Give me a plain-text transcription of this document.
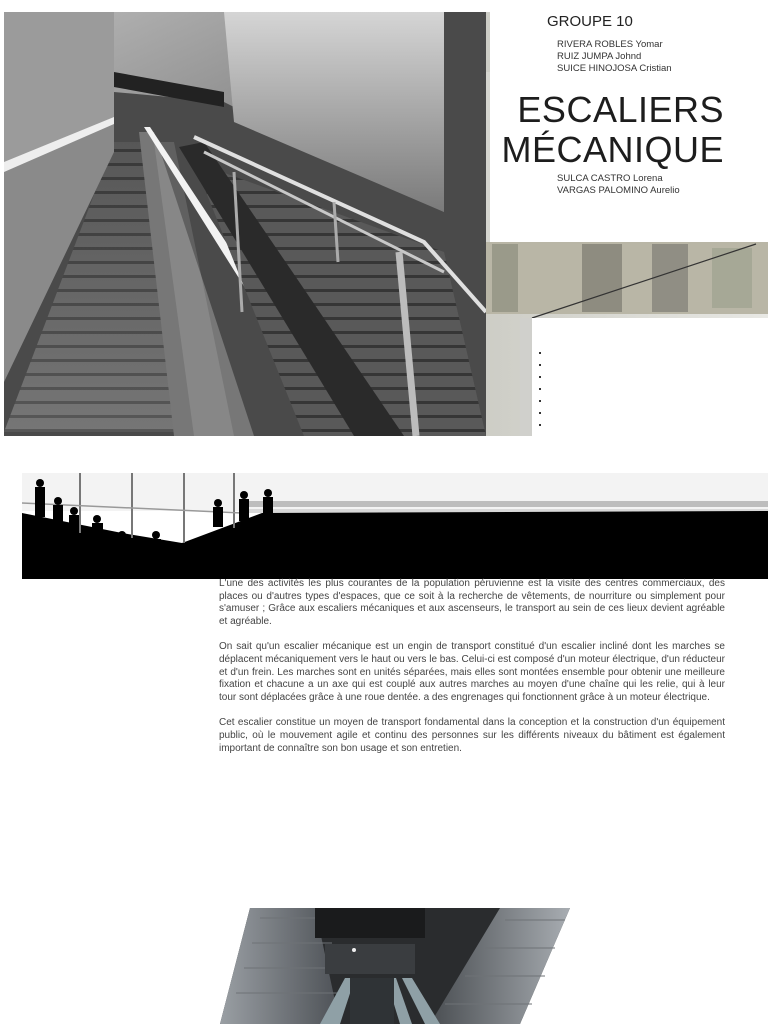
GROUPE 10
RIVERA ROBLES Yomar
RUIZ JUMPA Johnd
SUICE HINOJOSA Cristian
ESCALIERS
MÉCANIQUE
SULCA CASTRO Lorena
VARGAS PALOMINO Aurelio

L'une des activités les plus courantes de la population péruvienne est la visite des centres commerciaux, des places ou d'autres types d'espaces, que ce soit à la recherche de vêtements, de nourriture ou simplement pour s'amuser ; Grâce aux escaliers mécaniques et aux ascenseurs, le transport au sein de ces lieux devient agréable et agréable.

On sait qu'un escalier mécanique est un engin de transport constitué d'un escalier incliné dont les marches se déplacent mécaniquement vers le haut ou vers le bas. Celui-ci est composé d'un moteur électrique, d'un réducteur et d'un frein. Les marches sont en unités séparées, mais elles sont montées ensemble pour obtenir une meilleure fixation et chacune a un axe qui est couplé aux autres marches au moyen d'une chaîne qui les relie, qui à leur tour sont déplacées grâce à une roue dentée. a des engrenages qui fonctionnent grâce à un moteur électrique.

Cet escalier constitue un moyen de transport fondamental dans la conception et la construction d'un équipement public, où le mouvement agile et continu des personnes sur les différents niveaux du bâtiment est également important de connaître son bon usage et son entretien.
